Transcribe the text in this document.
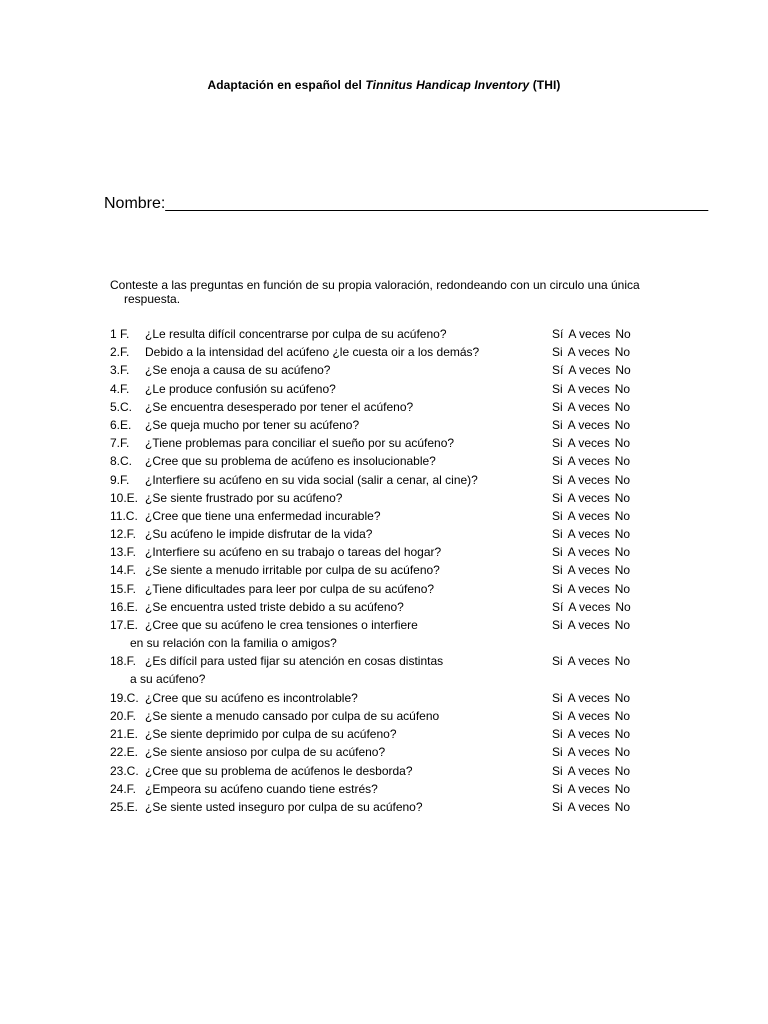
Adaptación en español del Tinnitus Handicap Inventory (THI)
Nombre:_____________________________________________________________
Conteste a las preguntas en función de su propia valoración, redondeando con un circulo una única
respuesta.
1 F. ¿Le resulta difícil concentrarse por culpa de su acúfeno?	Sí A veces No
2.F. Debido a la intensidad del acúfeno ¿le cuesta oir a los demás?	Si A veces No
3.F. ¿Se enoja a causa de su acúfeno?	Sí A veces No
4.F. ¿Le produce confusión su acúfeno?	Si A veces No
5.C. ¿Se encuentra desesperado por tener el acúfeno?	Si A veces No
6.E. ¿Se queja mucho por tener su acúfeno?	Si A veces No
7.F. ¿Tiene problemas para conciliar el sueño por su acúfeno?	Si A veces No
8.C. ¿Cree que su problema de acúfeno es insolucionable?	Si A veces No
9.F. ¿Interfiere su acúfeno en su vida social (salir a cenar, al cine)?	Si A veces No
10.E. ¿Se siente frustrado por su acúfeno?	Si A veces No
11.C. ¿Cree que tiene una enfermedad incurable?	Si A veces No
12.F. ¿Su acúfeno le impide disfrutar de la vida?	Si A veces No
13.F. ¿Interfiere su acúfeno en su trabajo o tareas del hogar?	Si A veces No
14.F. ¿Se siente a menudo irritable por culpa de su acúfeno?	Si A veces No
15.F. ¿Tiene dificultades para leer por culpa de su acúfeno?	Si A veces No
16.E. ¿Se encuentra usted triste debido a su acúfeno?	Sí A veces No
17.E. ¿Cree que su acúfeno le crea tensiones o interfiere
en su relación con la familia o amigos?
Si A veces No
18.F. ¿Es difícil para usted fijar su atención en cosas distintas
a su acúfeno?
Si A veces No
19.C. ¿Cree que su acúfeno es incontrolable?	Si A veces No
20.F. ¿Se siente a menudo cansado por culpa de su acúfeno	Si A veces No
21.E. ¿Se siente deprimido por culpa de su acúfeno?	Si A veces No
22.E. ¿Se siente ansioso por culpa de su acúfeno?	Si A veces No
23.C. ¿Cree que su problema de acúfenos le desborda?	Si A veces No
24.F. ¿Empeora su acúfeno cuando tiene estrés?	Si A veces No
25.E. ¿Se siente usted inseguro por culpa de su acúfeno?	Si A veces No
